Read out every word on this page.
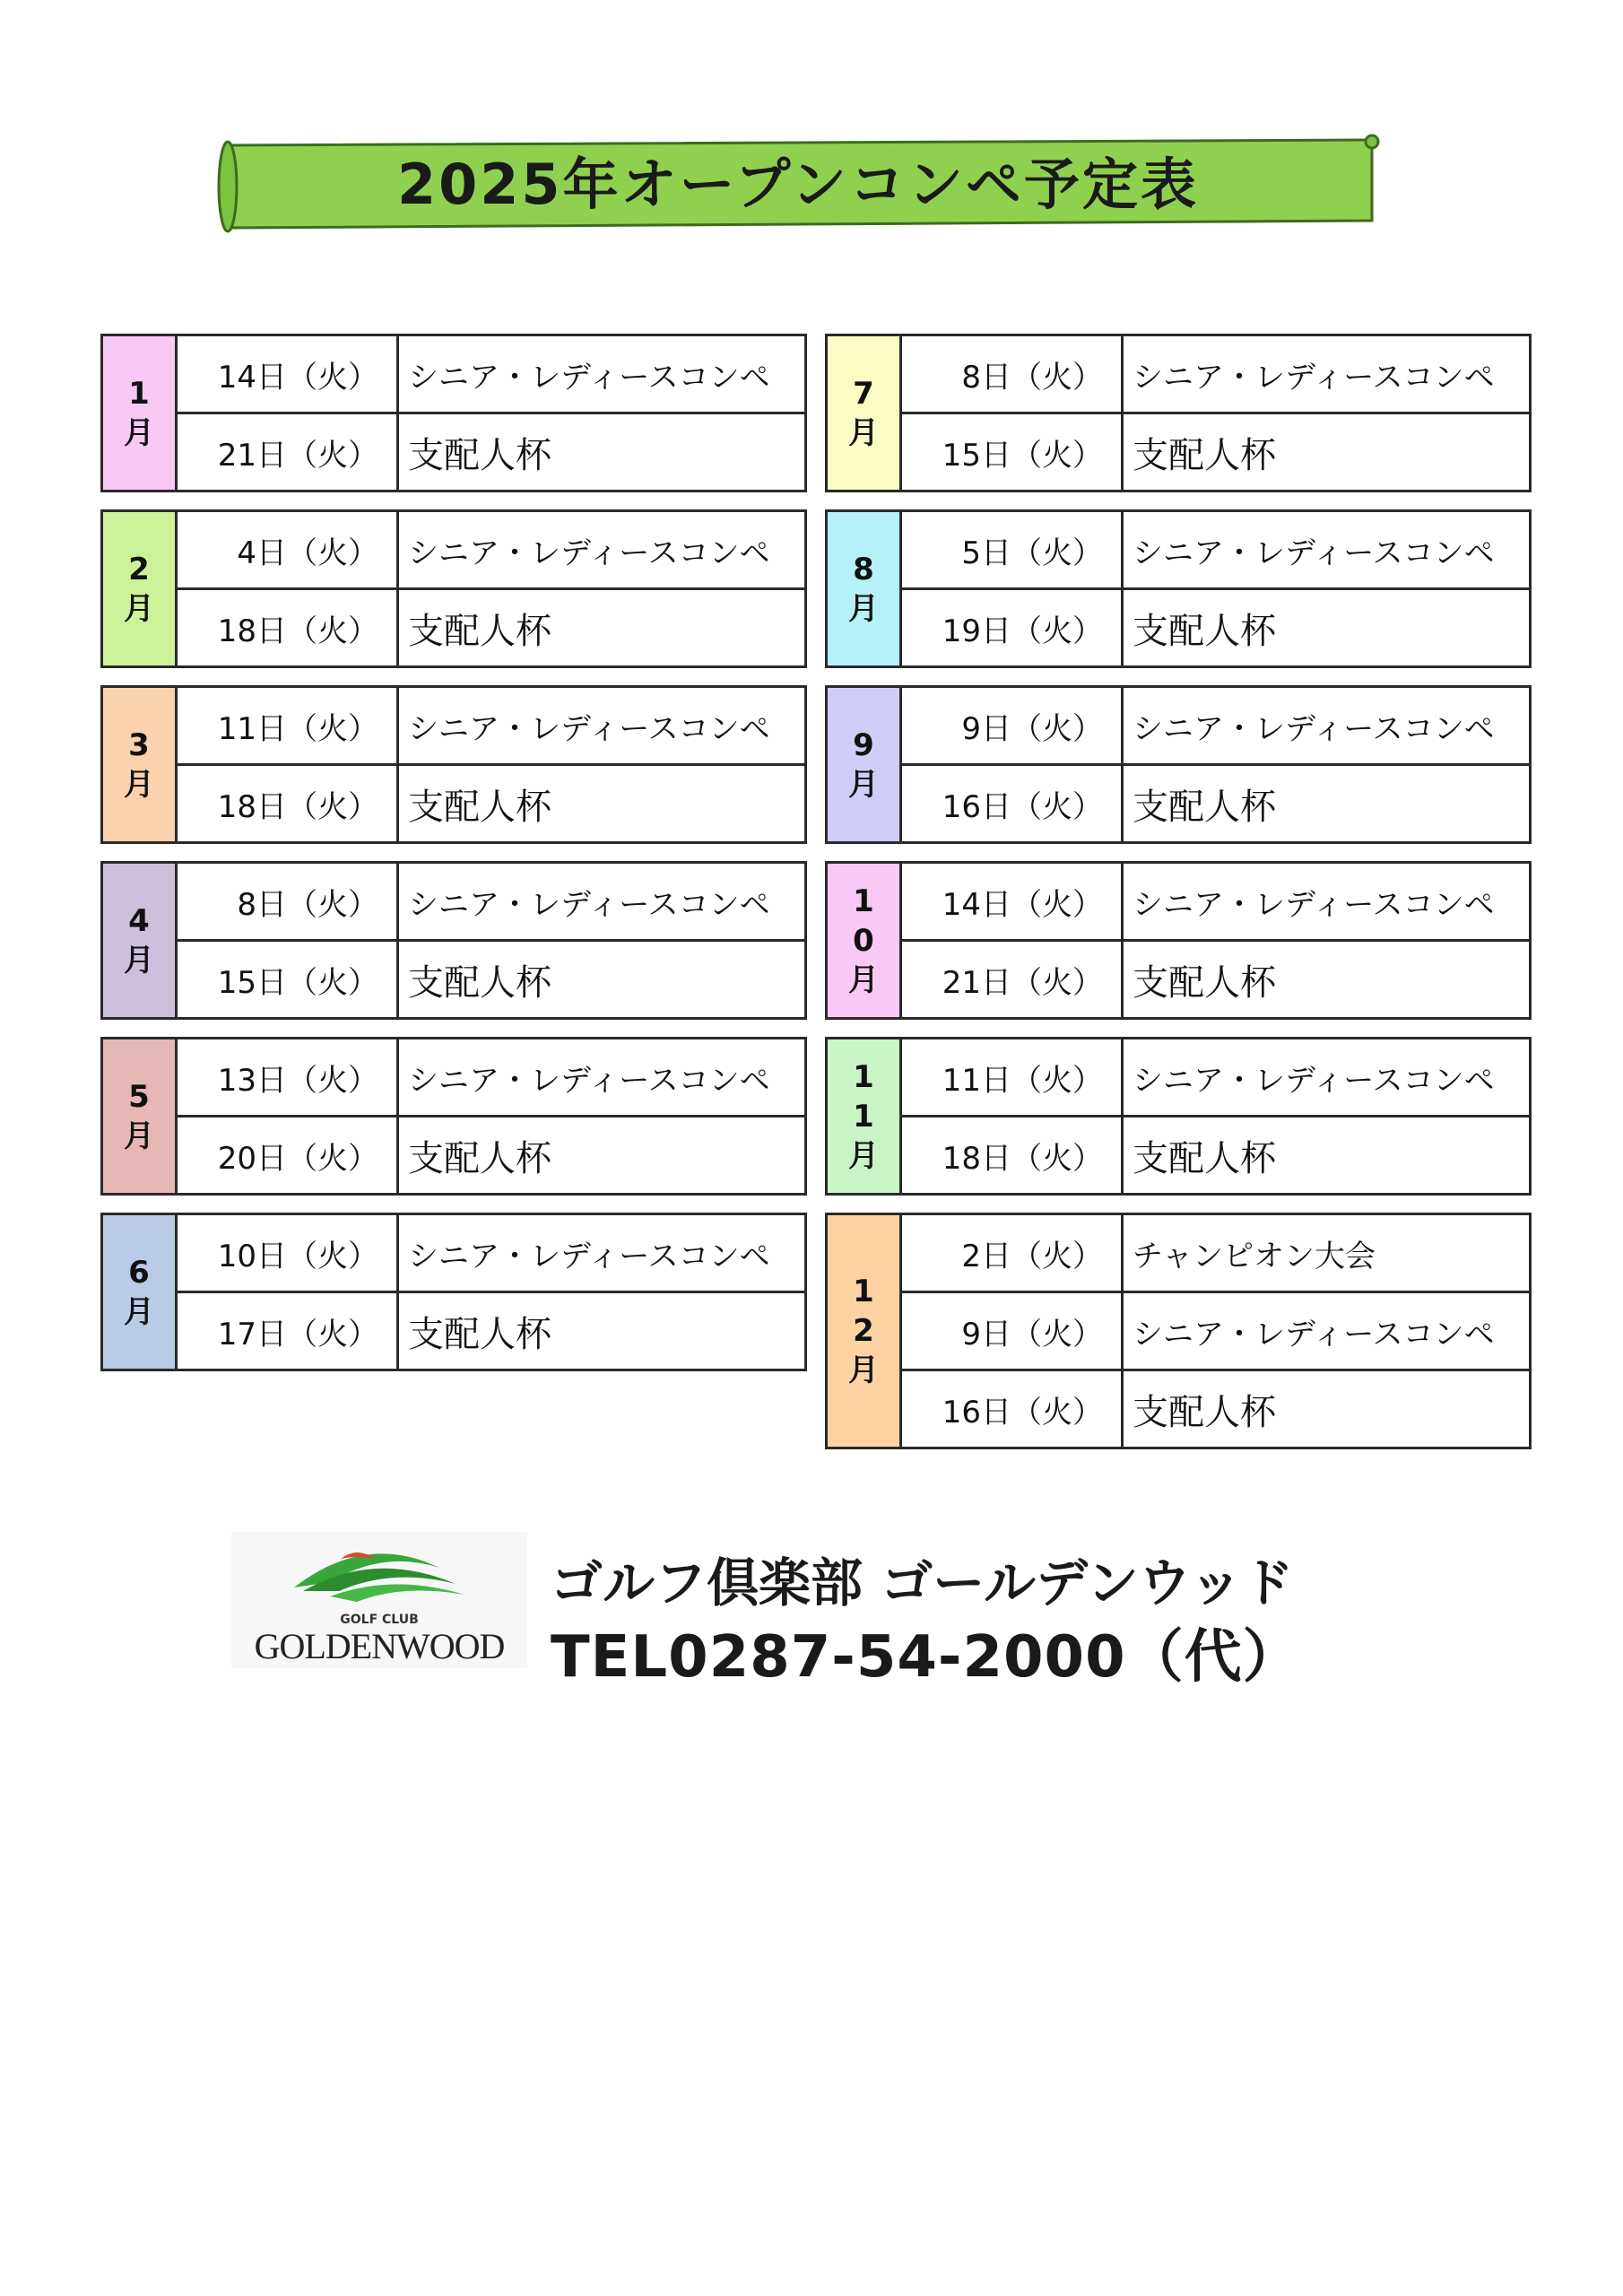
2025年オープンコンペ予定表
1月	14日（火）	シニア・レディースコンペ
	21日（火）	支配人杯
2月	4日（火）	シニア・レディースコンペ
	18日（火）	支配人杯
3月	11日（火）	シニア・レディースコンペ
	18日（火）	支配人杯
4月	8日（火）	シニア・レディースコンペ
	15日（火）	支配人杯
5月	13日（火）	シニア・レディースコンペ
	20日（火）	支配人杯
6月	10日（火）	シニア・レディースコンペ
	17日（火）	支配人杯
7月	8日（火）	シニア・レディースコンペ
	15日（火）	支配人杯
8月	5日（火）	シニア・レディースコンペ
	19日（火）	支配人杯
9月	9日（火）	シニア・レディースコンペ
	16日（火）	支配人杯
10月	14日（火）	シニア・レディースコンペ
	21日（火）	支配人杯
11月	11日（火）	シニア・レディースコンペ
	18日（火）	支配人杯
12月	2日（火）	チャンピオン大会
	9日（火）	シニア・レディースコンペ
	16日（火）	支配人杯
GOLF CLUB
GOLDENWOOD
ゴルフ倶楽部 ゴールデンウッド
TEL0287-54-2000（代）
